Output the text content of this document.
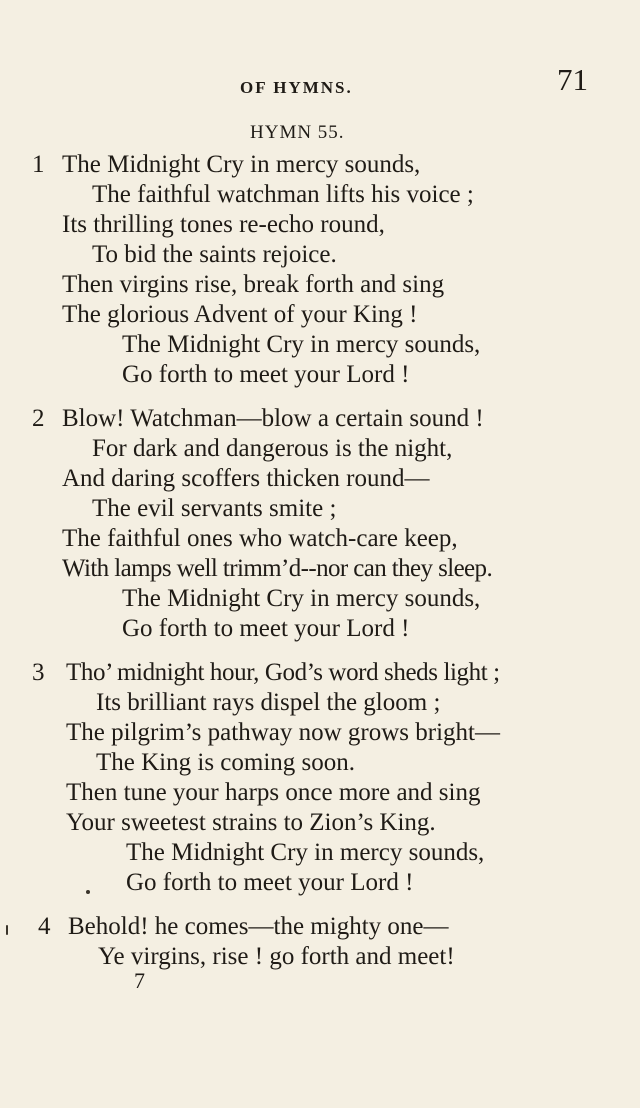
OF HYMNS.	71
HYMN 55.
1 The Midnight Cry in mercy sounds,
The faithful watchman lifts his voice ;
Its thrilling tones re-echo round,
To bid the saints rejoice.
Then virgins rise, break forth and sing
The glorious Advent of your King !
The Midnight Cry in mercy sounds,
Go forth to meet your Lord !
2 Blow! Watchman—blow a certain sound !
For dark and dangerous is the night,
And daring scoffers thicken round—
The evil servants smite ;
The faithful ones who watch-care keep,
With lamps well trimm’d--nor can they sleep.
The Midnight Cry in mercy sounds,
Go forth to meet your Lord !
3 Tho’ midnight hour, God’s word sheds light ;
Its brilliant rays dispel the gloom ;
The pilgrim’s pathway now grows bright—
The King is coming soon.
Then tune your harps once more and sing
Your sweetest strains to Zion’s King.
The Midnight Cry in mercy sounds,
Go forth to meet your Lord !
4 Behold! he comes—the mighty one—
Ye virgins, rise ! go forth and meet!
7
